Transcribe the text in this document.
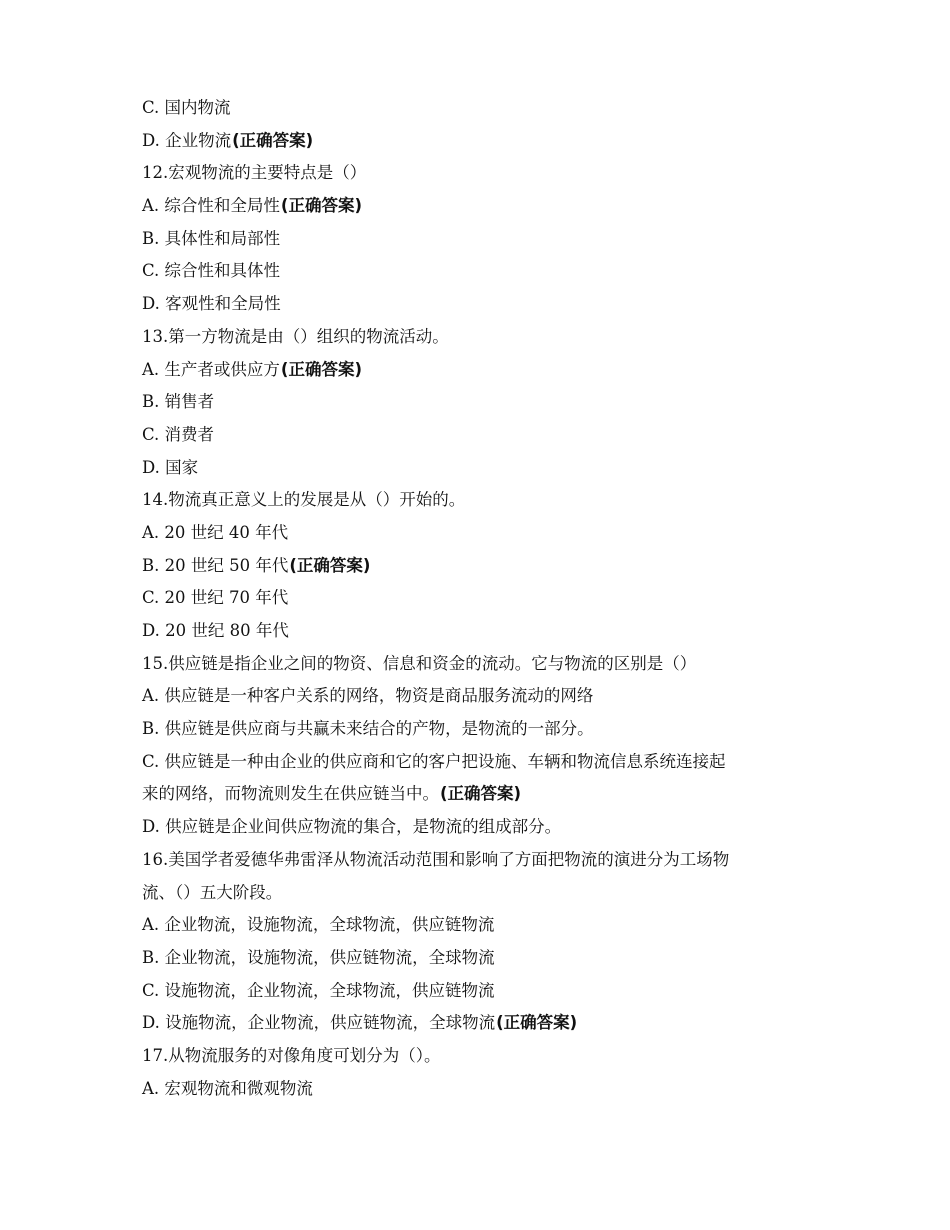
C. 国内物流
D. 企业物流(正确答案)
12.宏观物流的主要特点是（）
A. 综合性和全局性(正确答案)
B. 具体性和局部性
C. 综合性和具体性
D. 客观性和全局性
13.第一方物流是由（）组织的物流活动。
A. 生产者或供应方(正确答案)
B. 销售者
C. 消费者
D. 国家
14.物流真正意义上的发展是从（）开始的。
A. 20 世纪 40 年代
B. 20 世纪 50 年代(正确答案)
C. 20 世纪 70 年代
D. 20 世纪 80 年代
15.供应链是指企业之间的物资、信息和资金的流动。它与物流的区别是（）
A. 供应链是一种客户关系的网络，物资是商品服务流动的网络
B. 供应链是供应商与共赢未来结合的产物，是物流的一部分。
C. 供应链是一种由企业的供应商和它的客户把设施、车辆和物流信息系统连接起
来的网络，而物流则发生在供应链当中。(正确答案)
D. 供应链是企业间供应物流的集合，是物流的组成部分。
16.美国学者爱德华弗雷泽从物流活动范围和影响了方面把物流的演进分为工场物
流、（）五大阶段。
A. 企业物流，设施物流，全球物流，供应链物流
B. 企业物流，设施物流，供应链物流，全球物流
C. 设施物流，企业物流，全球物流，供应链物流
D. 设施物流，企业物流，供应链物流，全球物流(正确答案)
17.从物流服务的对像角度可划分为（）。
A. 宏观物流和微观物流
